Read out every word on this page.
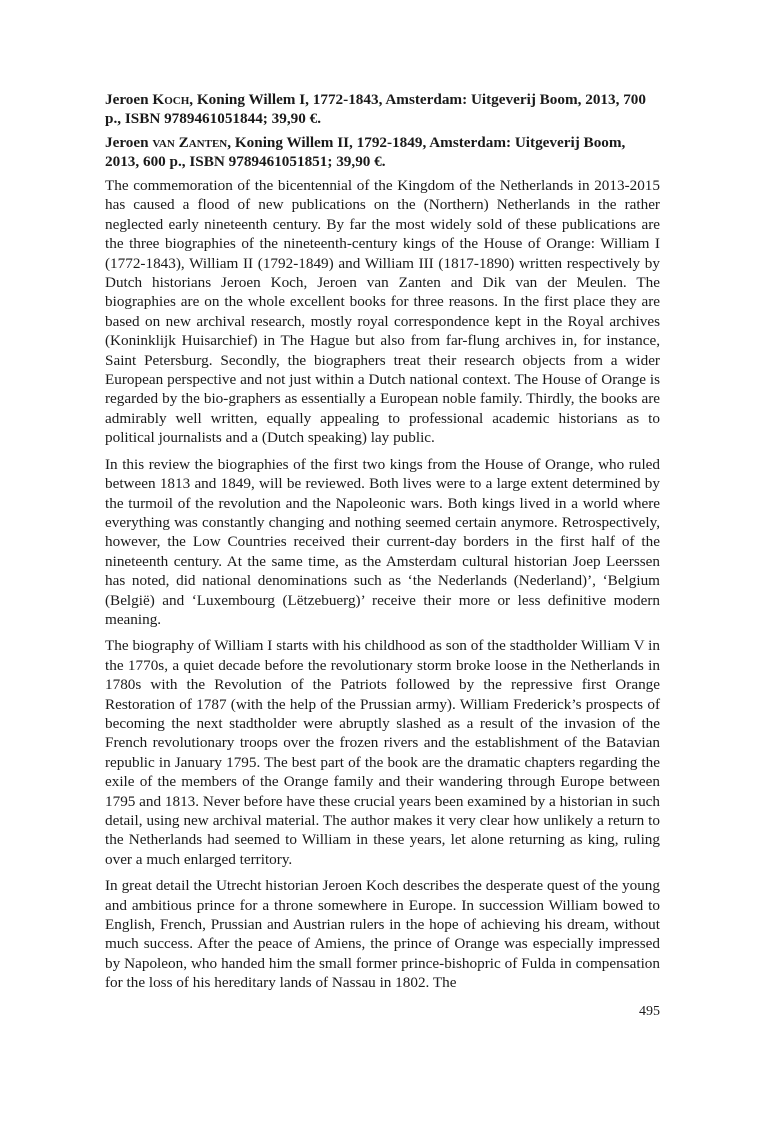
Jeroen Koch, Koning Willem I, 1772-1843, Amsterdam: Uitgeverij Boom, 2013, 700 p., ISBN 9789461051844; 39,90 €.
Jeroen van Zanten, Koning Willem II, 1792-1849, Amsterdam: Uitgeverij Boom, 2013, 600 p., ISBN 9789461051851; 39,90 €.

The commemoration of the bicentennial of the Kingdom of the Netherlands in 2013-2015 has caused a flood of new publications on the (Northern) Netherlands in the rather neglected early nineteenth century. By far the most widely sold of these publications are the three biographies of the nineteenth-century kings of the House of Orange: William I (1772-1843), William II (1792-1849) and William III (1817-1890) written respectively by Dutch historians Jeroen Koch, Jeroen van Zanten and Dik van der Meulen. The biographies are on the whole excellent books for three reasons. In the first place they are based on new archival research, mostly royal correspondence kept in the Royal archives (Koninklijk Huisarchief) in The Hague but also from far-flung archives in, for instance, Saint Petersburg. Secondly, the biographers treat their research objects from a wider European perspective and not just within a Dutch national context. The House of Orange is regarded by the bio-graphers as essentially a European noble family. Thirdly, the books are admirably well written, equally appealing to professional academic historians as to political journalists and a (Dutch speaking) lay public.

In this review the biographies of the first two kings from the House of Orange, who ruled between 1813 and 1849, will be reviewed. Both lives were to a large extent determined by the turmoil of the revolution and the Napoleonic wars. Both kings lived in a world where everything was constantly changing and nothing seemed certain anymore. Retrospectively, however, the Low Countries received their current-day borders in the first half of the nineteenth century. At the same time, as the Amsterdam cultural historian Joep Leerssen has noted, did national denominations such as ‘the Nederlands (Nederland)’, ‘Belgium (België) and ‘Luxembourg (Lëtzebuerg)’ receive their more or less definitive modern meaning.

The biography of William I starts with his childhood as son of the stadtholder William V in the 1770s, a quiet decade before the revolutionary storm broke loose in the Netherlands in 1780s with the Revolution of the Patriots followed by the repressive first Orange Restoration of 1787 (with the help of the Prussian army). William Frederick’s prospects of becoming the next stadtholder were abruptly slashed as a result of the invasion of the French revolutionary troops over the frozen rivers and the establishment of the Batavian republic in January 1795. The best part of the book are the dramatic chapters regarding the exile of the members of the Orange family and their wandering through Europe between 1795 and 1813. Never before have these crucial years been examined by a historian in such detail, using new archival material. The author makes it very clear how unlikely a return to the Netherlands had seemed to William in these years, let alone returning as king, ruling over a much enlarged territory.

In great detail the Utrecht historian Jeroen Koch describes the desperate quest of the young and ambitious prince for a throne somewhere in Europe. In succession William bowed to English, French, Prussian and Austrian rulers in the hope of achieving his dream, without much success. After the peace of Amiens, the prince of Orange was especially impressed by Napoleon, who handed him the small former prince-bishopric of Fulda in compensation for the loss of his hereditary lands of Nassau in 1802. The

495
